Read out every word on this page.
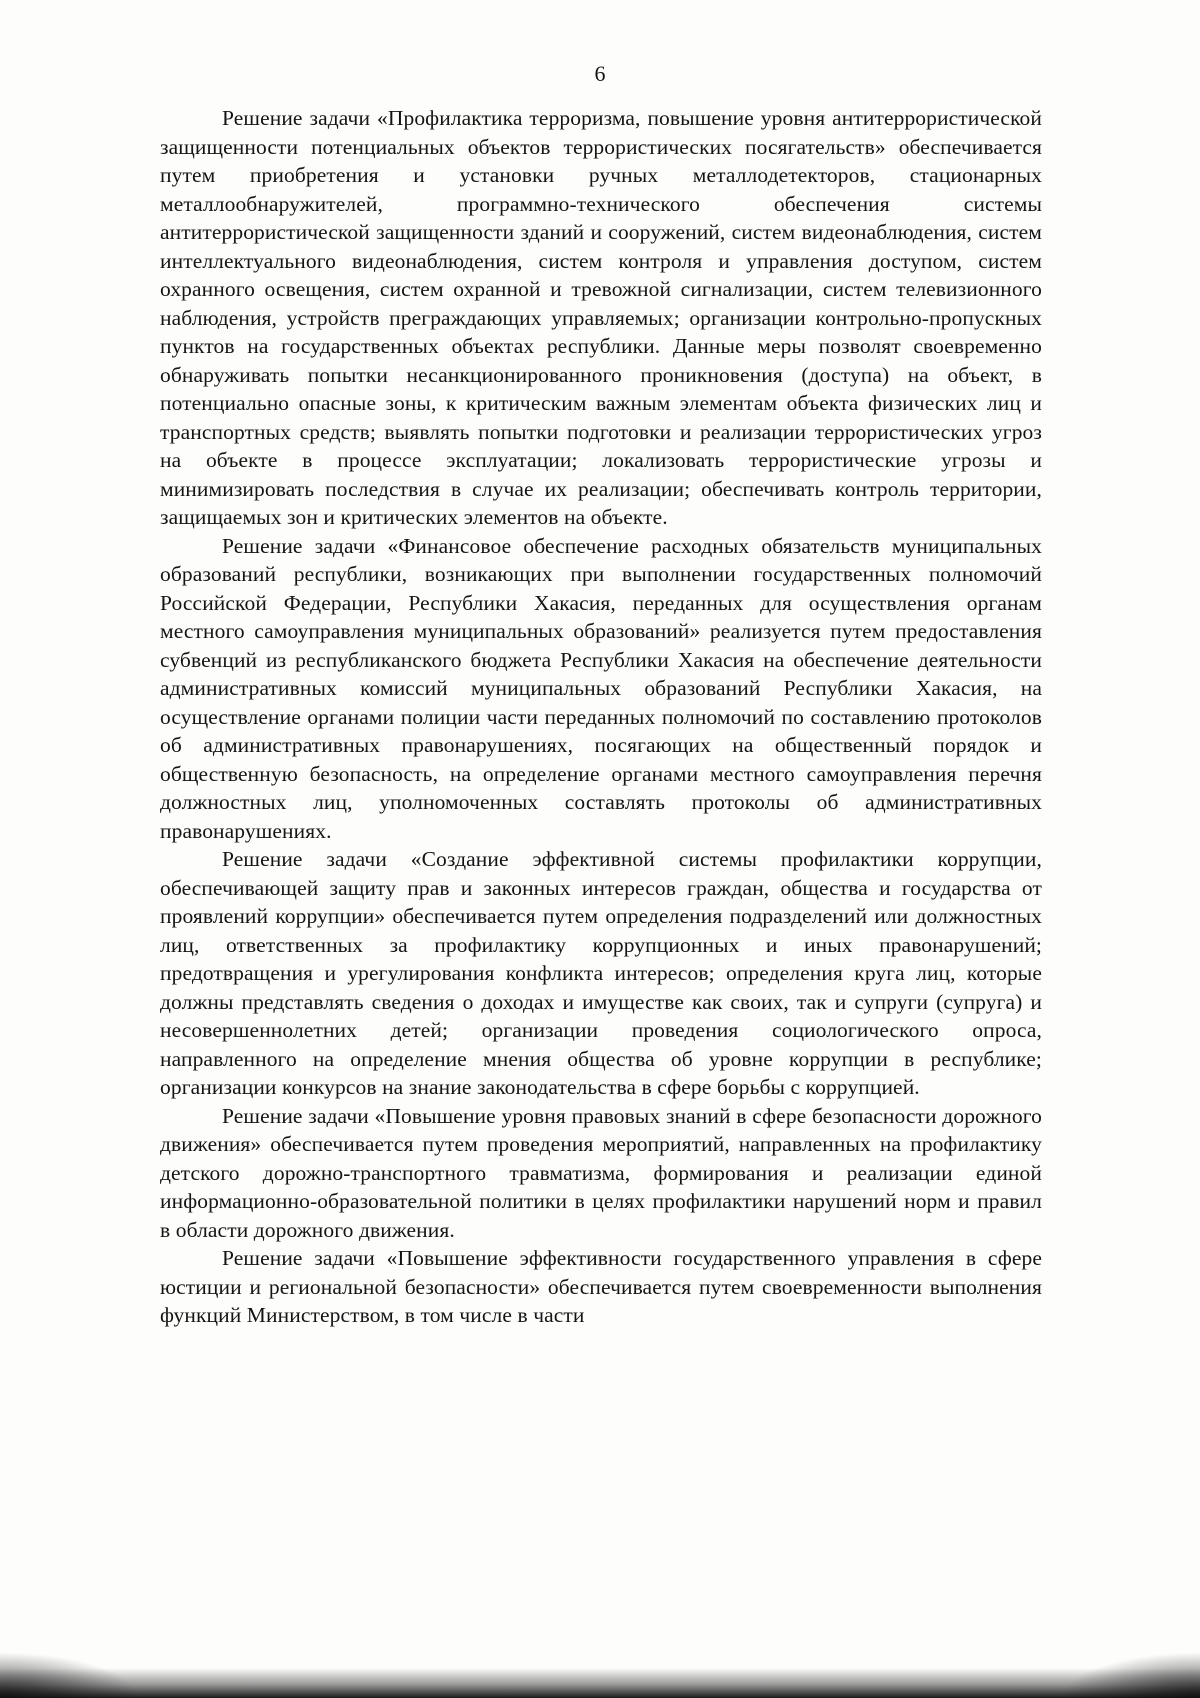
6

Решение задачи «Профилактика терроризма, повышение уровня антитеррористической защищенности потенциальных объектов террористических посягательств» обеспечивается путем приобретения и установки ручных металлодетекторов, стационарных металлообнаружителей, программно-технического обеспечения системы антитеррористической защищенности зданий и сооружений, систем видеонаблюдения, систем интеллектуального видеонаблюдения, систем контроля и управления доступом, систем охранного освещения, систем охранной и тревожной сигнализации, систем телевизионного наблюдения, устройств преграждающих управляемых; организации контрольно-пропускных пунктов на государственных объектах республики. Данные меры позволят своевременно обнаруживать попытки несанкционированного проникновения (доступа) на объект, в потенциально опасные зоны, к критическим важным элементам объекта физических лиц и транспортных средств; выявлять попытки подготовки и реализации террористических угроз на объекте в процессе эксплуатации; локализовать террористические угрозы и минимизировать последствия в случае их реализации; обеспечивать контроль территории, защищаемых зон и критических элементов на объекте.

Решение задачи «Финансовое обеспечение расходных обязательств муниципальных образований республики, возникающих при выполнении государственных полномочий Российской Федерации, Республики Хакасия, переданных для осуществления органам местного самоуправления муниципальных образований» реализуется путем предоставления субвенций из республиканского бюджета Республики Хакасия на обеспечение деятельности административных комиссий муниципальных образований Республики Хакасия, на осуществление органами полиции части переданных полномочий по составлению протоколов об административных правонарушениях, посягающих на общественный порядок и общественную безопасность, на определение органами местного самоуправления перечня должностных лиц, уполномоченных составлять протоколы об административных правонарушениях.

Решение задачи «Создание эффективной системы профилактики коррупции, обеспечивающей защиту прав и законных интересов граждан, общества и государства от проявлений коррупции» обеспечивается путем определения подразделений или должностных лиц, ответственных за профилактику коррупционных и иных правонарушений; предотвращения и урегулирования конфликта интересов; определения круга лиц, которые должны представлять сведения о доходах и имуществе как своих, так и супруги (супруга) и несовершеннолетних детей; организации проведения социологического опроса, направленного на определение мнения общества об уровне коррупции в республике; организации конкурсов на знание законодательства в сфере борьбы с коррупцией.

Решение задачи «Повышение уровня правовых знаний в сфере безопасности дорожного движения» обеспечивается путем проведения мероприятий, направленных на профилактику детского дорожно-транспортного травматизма, формирования и реализации единой информационно-образовательной политики в целях профилактики нарушений норм и правил в области дорожного движения.

Решение задачи «Повышение эффективности государственного управления в сфере юстиции и региональной безопасности» обеспечивается путем своевременности выполнения функций Министерством, в том числе в части
